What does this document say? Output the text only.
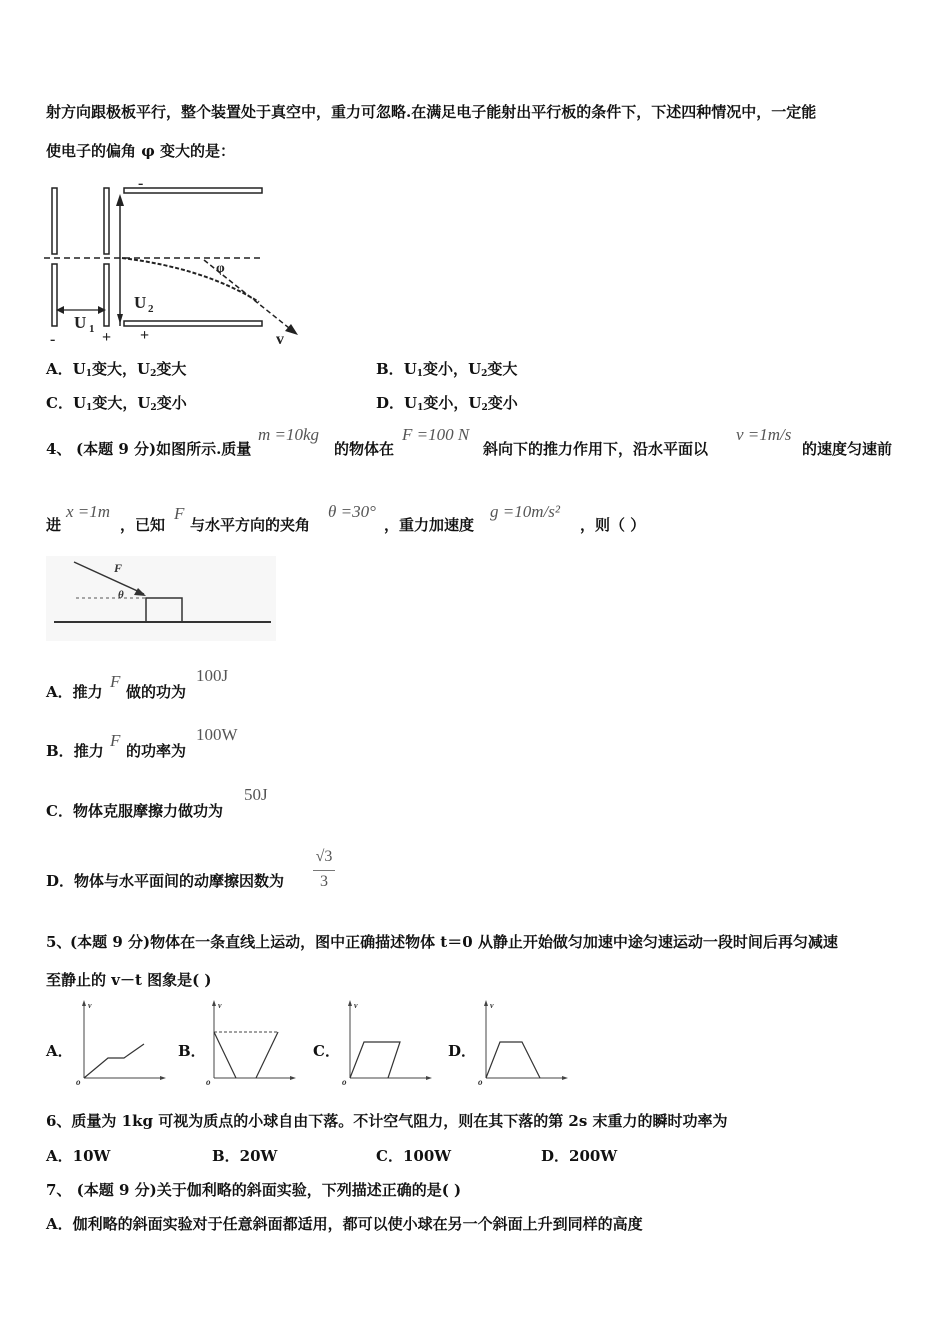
射方向跟极板平行，整个装置处于真空中，重力可忽略.在满足电子能射出平行板的条件下，下述四种情况中，一定能
使电子的偏角 φ 变大的是：
-
φ
U 2
U 1
-	+ +	v
A．$U_1$变大，$U_2$变大	B．$U_1$变小，$U_2$变大
C．$U_1$变大，$U_2$变小	D．$U_1$变小，$U_2$变小
4、 (本题 9 分)如图所示.质量
m =10kg
的物体在
F =100 N
斜向下的推力作用下，沿水平面以
v =1m/s
的速度匀速前
进
x =1m
，已知
F
与水平方向的夹角
θ =30°
，重力加速度
g =10m/s²
，则（ ）
F
θ
A．推力
F
做的功为
100J
B．推力
F
的功率为
100W
C．物体克服摩擦力做功为
50J
D．物体与水平面间的动摩擦因数为
√3
3
5、
(本题 9 分)物体在一条直线上运动，图中正确描述物体 t＝0 从静止开始做匀加速中途匀速运动一段时间后再匀减速
至静止的 v－t 图象是( )
A．
v
o
B．
v
o
C．
v
o
D．
v
o
6、质量为 1kg 可视为质点的小球自由下落。不计空气阻力，则在其下落的第 2s 末重力的瞬时功率为
A．10W	B．20W	C．100W	D．200W
7、 (本题 9 分)关于伽利略的斜面实验，下列描述正确的是( )
A．伽利略的斜面实验对于任意斜面都适用，都可以使小球在另一个斜面上升到同样的高度
